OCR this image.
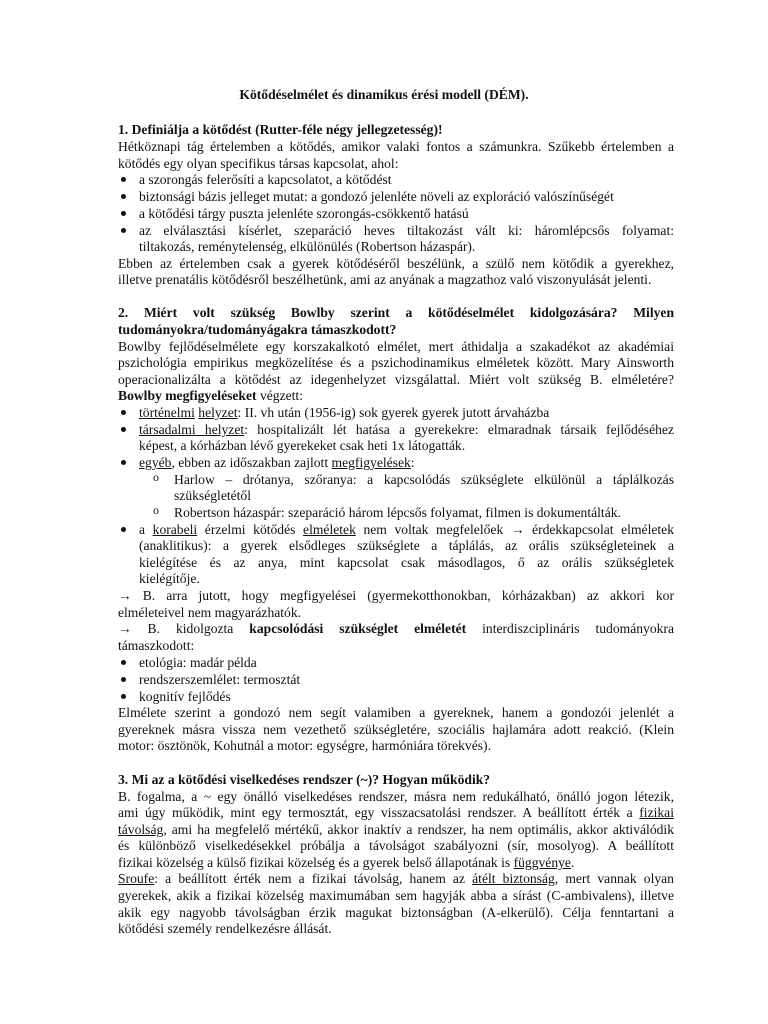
Kötődéselmélet és dinamikus érési modell (DÉM).
1. Definiálja a kötődést (Rutter-féle négy jellegzetesség)!
Hétköznapi tág értelemben a kötődés, amikor valaki fontos a számunkra. Szűkebb értelemben a
kötődés egy olyan specifikus társas kapcsolat, ahol:
a szorongás felerősíti a kapcsolatot, a kötődést
biztonsági bázis jelleget mutat: a gondozó jelenléte növeli az exploráció valószínűségét
a kötődési tárgy puszta jelenléte szorongás-csökkentő hatású
az elválasztási kísérlet, szeparáció heves tiltakozást vált ki: háromlépcsős folyamat:
tiltakozás, reménytelenség, elkülönülés (Robertson házaspár).
Ebben az értelemben csak a gyerek kötődéséről beszélünk, a szülő nem kötődik a gyerekhez,
illetve prenatális kötődésről beszélhetünk, ami az anyának a magzathoz való viszonyulását jelenti.
2. Miért volt szükség Bowlby szerint a kötődéselmélet kidolgozására? Milyen
tudományokra/tudományágakra támaszkodott?
Bowlby fejlődéselmélete egy korszakalkotó elmélet, mert áthidalja a szakadékot az akadémiai
pszichológia empirikus megközelítése és a pszichodinamikus elméletek között. Mary Ainsworth
operacionalizálta a kötődést az idegenhelyzet vizsgálattal. Miért volt szükség B. elméletére?
Bowlby megfigyeléseket végzett:
történelmi helyzet: II. vh után (1956-ig) sok gyerek gyerek jutott árvaházba
társadalmi helyzet: hospitalizált lét hatása a gyerekekre: elmaradnak társaik fejlődéséhez
képest, a kórházban lévő gyerekeket csak heti 1x látogatták.
egyéb, ebben az időszakban zajlott megfigyelések:
o Harlow – drótanya, szőranya: a kapcsolódás szükséglete elkülönül a táplálkozás
szükségletétől
o Robertson házaspár: szeparáció három lépcsős folyamat, filmen is dokumentálták.
a korabeli érzelmi kötődés elméletek nem voltak megfelelőek → érdekkapcsolat elméletek
(anaklitikus): a gyerek elsődleges szükséglete a táplálás, az orális szükségleteinek a
kielégítése és az anya, mint kapcsolat csak másodlagos, ő az orális szükségletek
kielégítője.
→ B. arra jutott, hogy megfigyelései (gyermekotthonokban, kórházakban) az akkori kor
elméleteivel nem magyarázhatók.
→ B. kidolgozta kapcsolódási szükséglet elméletét interdiszciplináris tudományokra
támaszkodott:
etológia: madár példa
rendszerszemlélet: termosztát
kognitív fejlődés
Elmélete szerint a gondozó nem segít valamiben a gyereknek, hanem a gondozói jelenlét a
gyereknek másra vissza nem vezethető szükségletére, szociális hajlamára adott reakció. (Klein
motor: ösztönök, Kohutnál a motor: egységre, harmóniára törekvés).
3. Mi az a kötődési viselkedéses rendszer (~)? Hogyan működik?
B. fogalma, a ~ egy önálló viselkedéses rendszer, másra nem redukálható, önálló jogon létezik,
ami úgy működik, mint egy termosztát, egy visszacsatolási rendszer. A beállított érték a fizikai
távolság, ami ha megfelelő mértékű, akkor inaktív a rendszer, ha nem optimális, akkor aktiválódik
és különböző viselkedésekkel próbálja a távolságot szabályozni (sír, mosolyog). A beállított
fizikai közelség a külső fizikai közelség és a gyerek belső állapotának is függvénye.
Sroufe: a beállított érték nem a fizikai távolság, hanem az átélt biztonság, mert vannak olyan
gyerekek, akik a fizikai közelség maximumában sem hagyják abba a sírást (C-ambivalens), illetve
akik egy nagyobb távolságban érzik magukat biztonságban (A-elkerülő). Célja fenntartani a
kötődési személy rendelkezésre állását.
